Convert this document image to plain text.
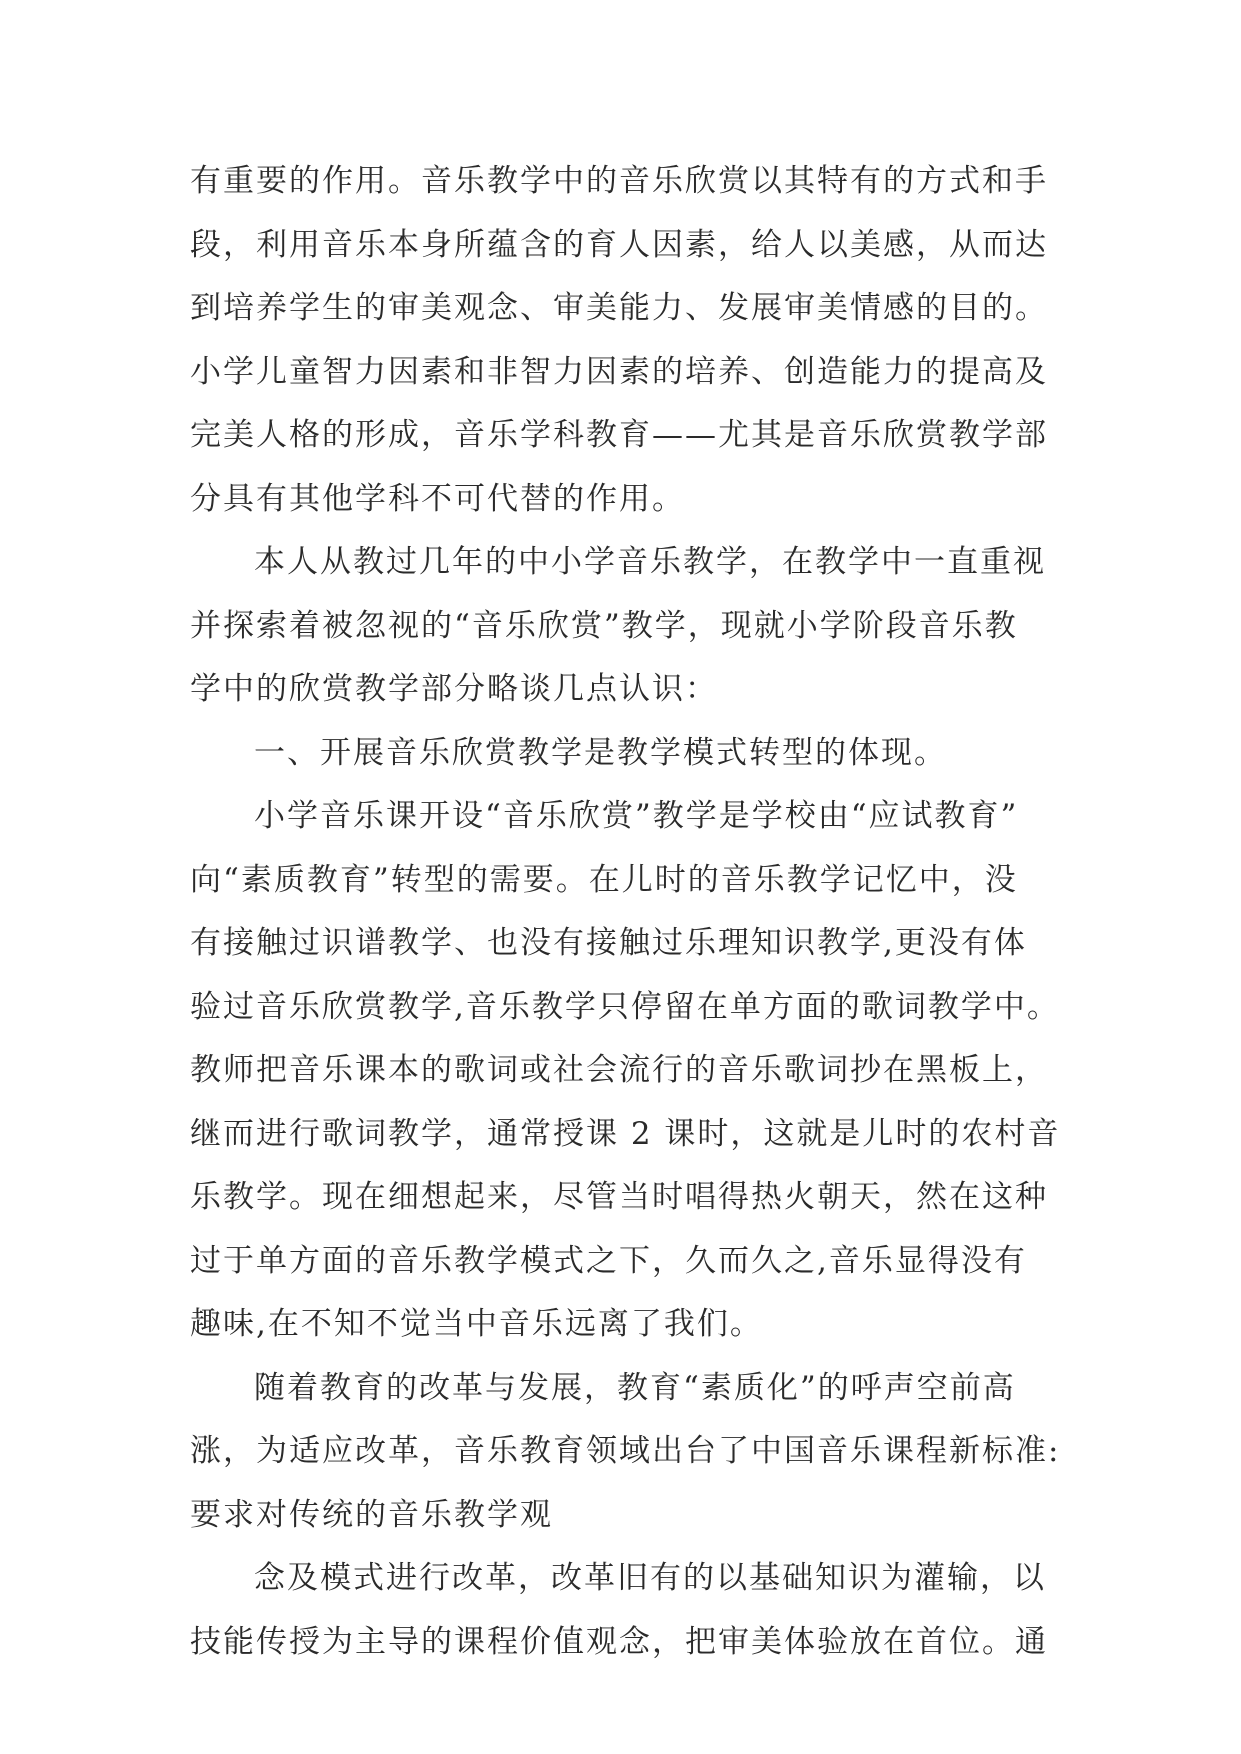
有重要的作用。音乐教学中的音乐欣赏以其特有的方式和手
段，利用音乐本身所蕴含的育人因素，给人以美感，从而达
到培养学生的审美观念、审美能力、发展审美情感的目的。
小学儿童智力因素和非智力因素的培养、创造能力的提高及
完美人格的形成，音乐学科教育——尤其是音乐欣赏教学部
分具有其他学科不可代替的作用。
本人从教过几年的中小学音乐教学，在教学中一直重视
并探索着被忽视的“音乐欣赏”教学，现就小学阶段音乐教
学中的欣赏教学部分略谈几点认识：
一、开展音乐欣赏教学是教学模式转型的体现。
小学音乐课开设“音乐欣赏”教学是学校由“应试教育”
向“素质教育”转型的需要。在儿时的音乐教学记忆中，没
有接触过识谱教学、也没有接触过乐理知识教学,更没有体
验过音乐欣赏教学,音乐教学只停留在单方面的歌词教学中。
教师把音乐课本的歌词或社会流行的音乐歌词抄在黑板上，
继而进行歌词教学，通常授课 2 课时，这就是儿时的农村音
乐教学。现在细想起来，尽管当时唱得热火朝天，然在这种
过于单方面的音乐教学模式之下，久而久之,音乐显得没有
趣味,在不知不觉当中音乐远离了我们。
随着教育的改革与发展，教育“素质化”的呼声空前高
涨，为适应改革，音乐教育领域出台了中国音乐课程新标准:
要求对传统的音乐教学观
念及模式进行改革，改革旧有的以基础知识为灌输，以
技能传授为主导的课程价值观念，把审美体验放在首位。通
